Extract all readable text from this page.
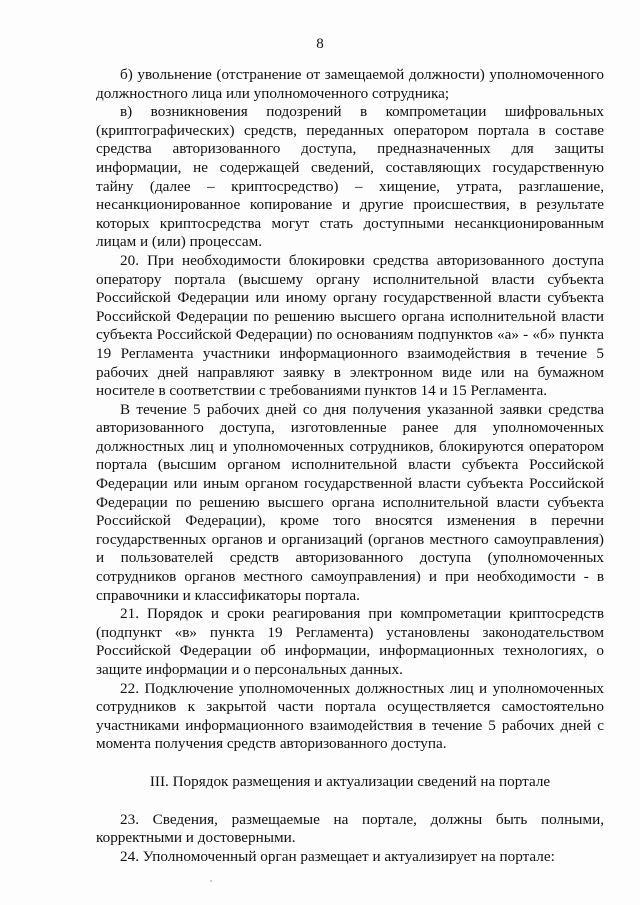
8

б) увольнение (отстранение от замещаемой должности) уполномоченного должностного лица или уполномоченного сотрудника;

в) возникновения подозрений в компрометации шифровальных (криптографических) средств, переданных оператором портала в составе средства авторизованного доступа, предназначенных для защиты информации, не содержащей сведений, составляющих государственную тайну (далее – криптосредство) – хищение, утрата, разглашение, несанкционированное копирование и другие происшествия, в результате которых криптосредства могут стать доступными несанкционированным лицам и (или) процессам.

20. При необходимости блокировки средства авторизованного доступа оператору портала (высшему органу исполнительной власти субъекта Российской Федерации или иному органу государственной власти субъекта Российской Федерации по решению высшего органа исполнительной власти субъекта Российской Федерации) по основаниям подпунктов «а» - «б» пункта 19 Регламента участники информационного взаимодействия в течение 5 рабочих дней направляют заявку в электронном виде или на бумажном носителе в соответствии с требованиями пунктов 14 и 15 Регламента.

В течение 5 рабочих дней со дня получения указанной заявки средства авторизованного доступа, изготовленные ранее для уполномоченных должностных лиц и уполномоченных сотрудников, блокируются оператором портала (высшим органом исполнительной власти субъекта Российской Федерации или иным органом государственной власти субъекта Российской Федерации по решению высшего органа исполнительной власти субъекта Российской Федерации), кроме того вносятся изменения в перечни государственных органов и организаций (органов местного самоуправления) и пользователей средств авторизованного доступа (уполномоченных сотрудников органов местного самоуправления) и при необходимости - в справочники и классификаторы портала.

21. Порядок и сроки реагирования при компрометации криптосредств (подпункт «в» пункта 19 Регламента) установлены законодательством Российской Федерации об информации, информационных технологиях, о защите информации и о персональных данных.

22. Подключение уполномоченных должностных лиц и уполномоченных сотрудников к закрытой части портала осуществляется самостоятельно участниками информационного взаимодействия в течение 5 рабочих дней с момента получения средств авторизованного доступа.

III. Порядок размещения и актуализации сведений на портале

23. Сведения, размещаемые на портале, должны быть полными, корректными и достоверными.

24. Уполномоченный орган размещает и актуализирует на портале:
